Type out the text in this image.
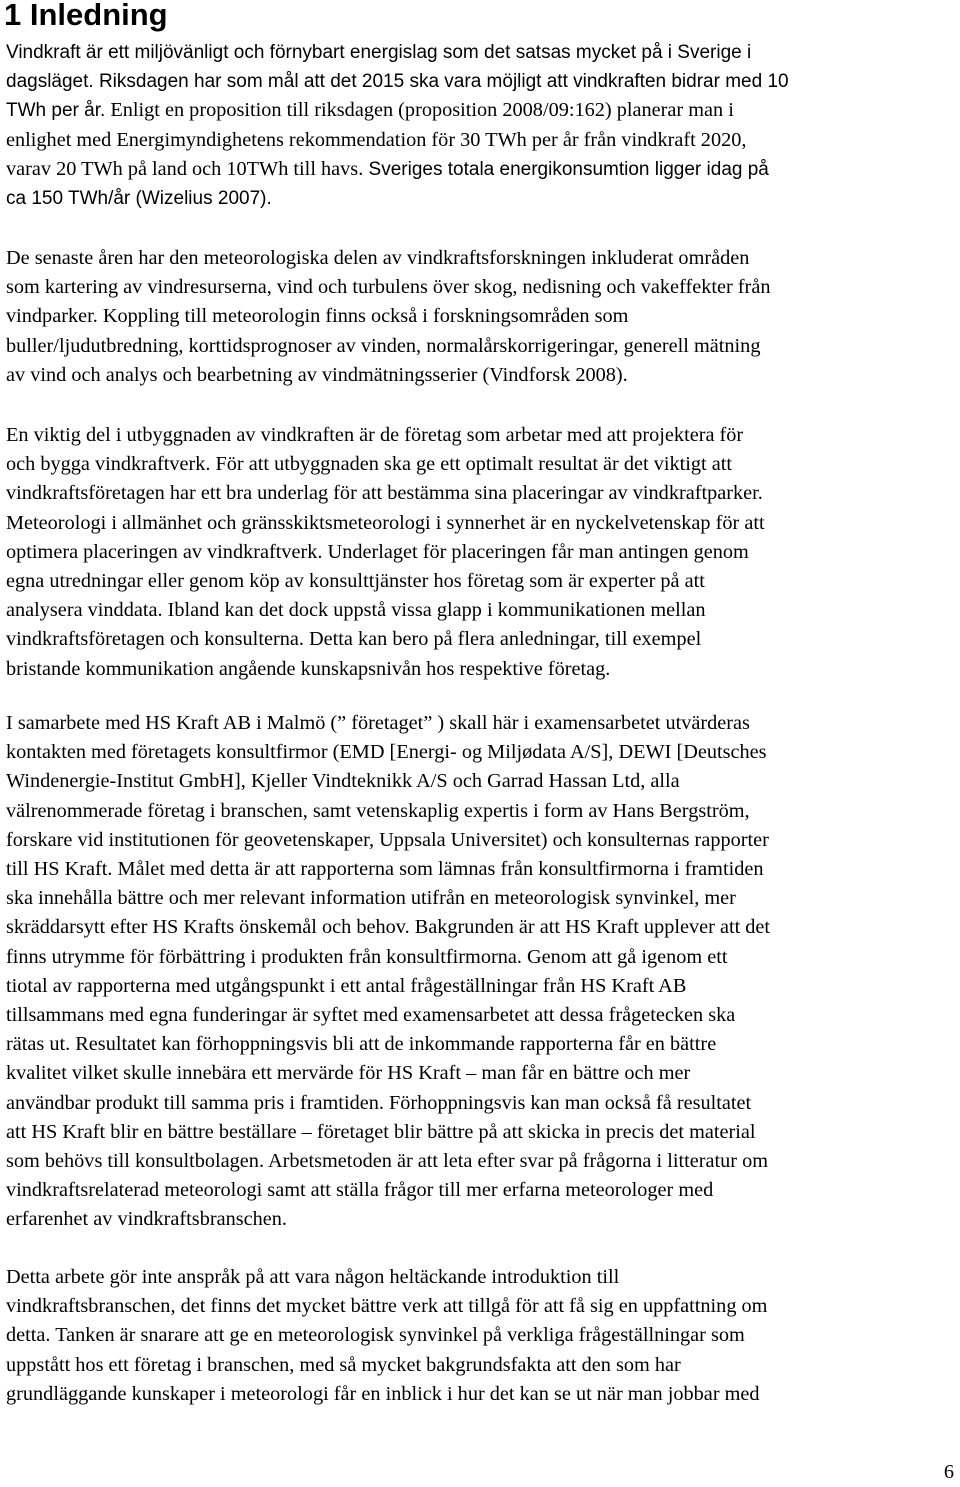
1 Inledning

Vindkraft är ett miljövänligt och förnybart energislag som det satsas mycket på i Sverige i
dagsläget. Riksdagen har som mål att det 2015 ska vara möjligt att vindkraften bidrar med 10
TWh per år. Enligt en proposition till riksdagen (proposition 2008/09:162) planerar man i
enlighet med Energimyndighetens rekommendation för 30 TWh per år från vindkraft 2020,
varav 20 TWh på land och 10TWh till havs. Sveriges totala energikonsumtion ligger idag på
ca 150 TWh/år (Wizelius 2007).

De senaste åren har den meteorologiska delen av vindkraftsforskningen inkluderat områden
som kartering av vindresurserna, vind och turbulens över skog, nedisning och vakeffekter från
vindparker. Koppling till meteorologin finns också i forskningsområden som
buller/ljudutbredning, korttidsprognoser av vinden, normalårskorrigeringar, generell mätning
av vind och analys och bearbetning av vindmätningsserier (Vindforsk 2008).

En viktig del i utbyggnaden av vindkraften är de företag som arbetar med att projektera för
och bygga vindkraftverk. För att utbyggnaden ska ge ett optimalt resultat är det viktigt att
vindkraftsföretagen har ett bra underlag för att bestämma sina placeringar av vindkraftparker.
Meteorologi i allmänhet och gränsskiktsmeteorologi i synnerhet är en nyckelvetenskap för att
optimera placeringen av vindkraftverk. Underlaget för placeringen får man antingen genom
egna utredningar eller genom köp av konsulttjänster hos företag som är experter på att
analysera vinddata. Ibland kan det dock uppstå vissa glapp i kommunikationen mellan
vindkraftsföretagen och konsulterna. Detta kan bero på flera anledningar, till exempel
bristande kommunikation angående kunskapsnivån hos respektive företag.

I samarbete med HS Kraft AB i Malmö (” företaget” ) skall här i examensarbetet utvärderas
kontakten med företagets konsultfirmor (EMD [Energi- og Miljødata A/S], DEWI [Deutsches
Windenergie-Institut GmbH], Kjeller Vindteknikk A/S och Garrad Hassan Ltd, alla
välrenommerade företag i branschen, samt vetenskaplig expertis i form av Hans Bergström,
forskare vid institutionen för geovetenskaper, Uppsala Universitet) och konsulternas rapporter
till HS Kraft. Målet med detta är att rapporterna som lämnas från konsultfirmorna i framtiden
ska innehålla bättre och mer relevant information utifrån en meteorologisk synvinkel, mer
skräddarsytt efter HS Krafts önskemål och behov. Bakgrunden är att HS Kraft upplever att det
finns utrymme för förbättring i produkten från konsultfirmorna. Genom att gå igenom ett
tiotal av rapporterna med utgångspunkt i ett antal frågeställningar från HS Kraft AB
tillsammans med egna funderingar är syftet med examensarbetet att dessa frågetecken ska
rätas ut. Resultatet kan förhoppningsvis bli att de inkommande rapporterna får en bättre
kvalitet vilket skulle innebära ett mervärde för HS Kraft – man får en bättre och mer
användbar produkt till samma pris i framtiden. Förhoppningsvis kan man också få resultatet
att HS Kraft blir en bättre beställare – företaget blir bättre på att skicka in precis det material
som behövs till konsultbolagen. Arbetsmetoden är att leta efter svar på frågorna i litteratur om
vindkraftsrelaterad meteorologi samt att ställa frågor till mer erfarna meteorologer med
erfarenhet av vindkraftsbranschen.

Detta arbete gör inte anspråk på att vara någon heltäckande introduktion till
vindkraftsbranschen, det finns det mycket bättre verk att tillgå för att få sig en uppfattning om
detta. Tanken är snarare att ge en meteorologisk synvinkel på verkliga frågeställningar som
uppstått hos ett företag i branschen, med så mycket bakgrundsfakta att den som har
grundläggande kunskaper i meteorologi får en inblick i hur det kan se ut när man jobbar med

6
